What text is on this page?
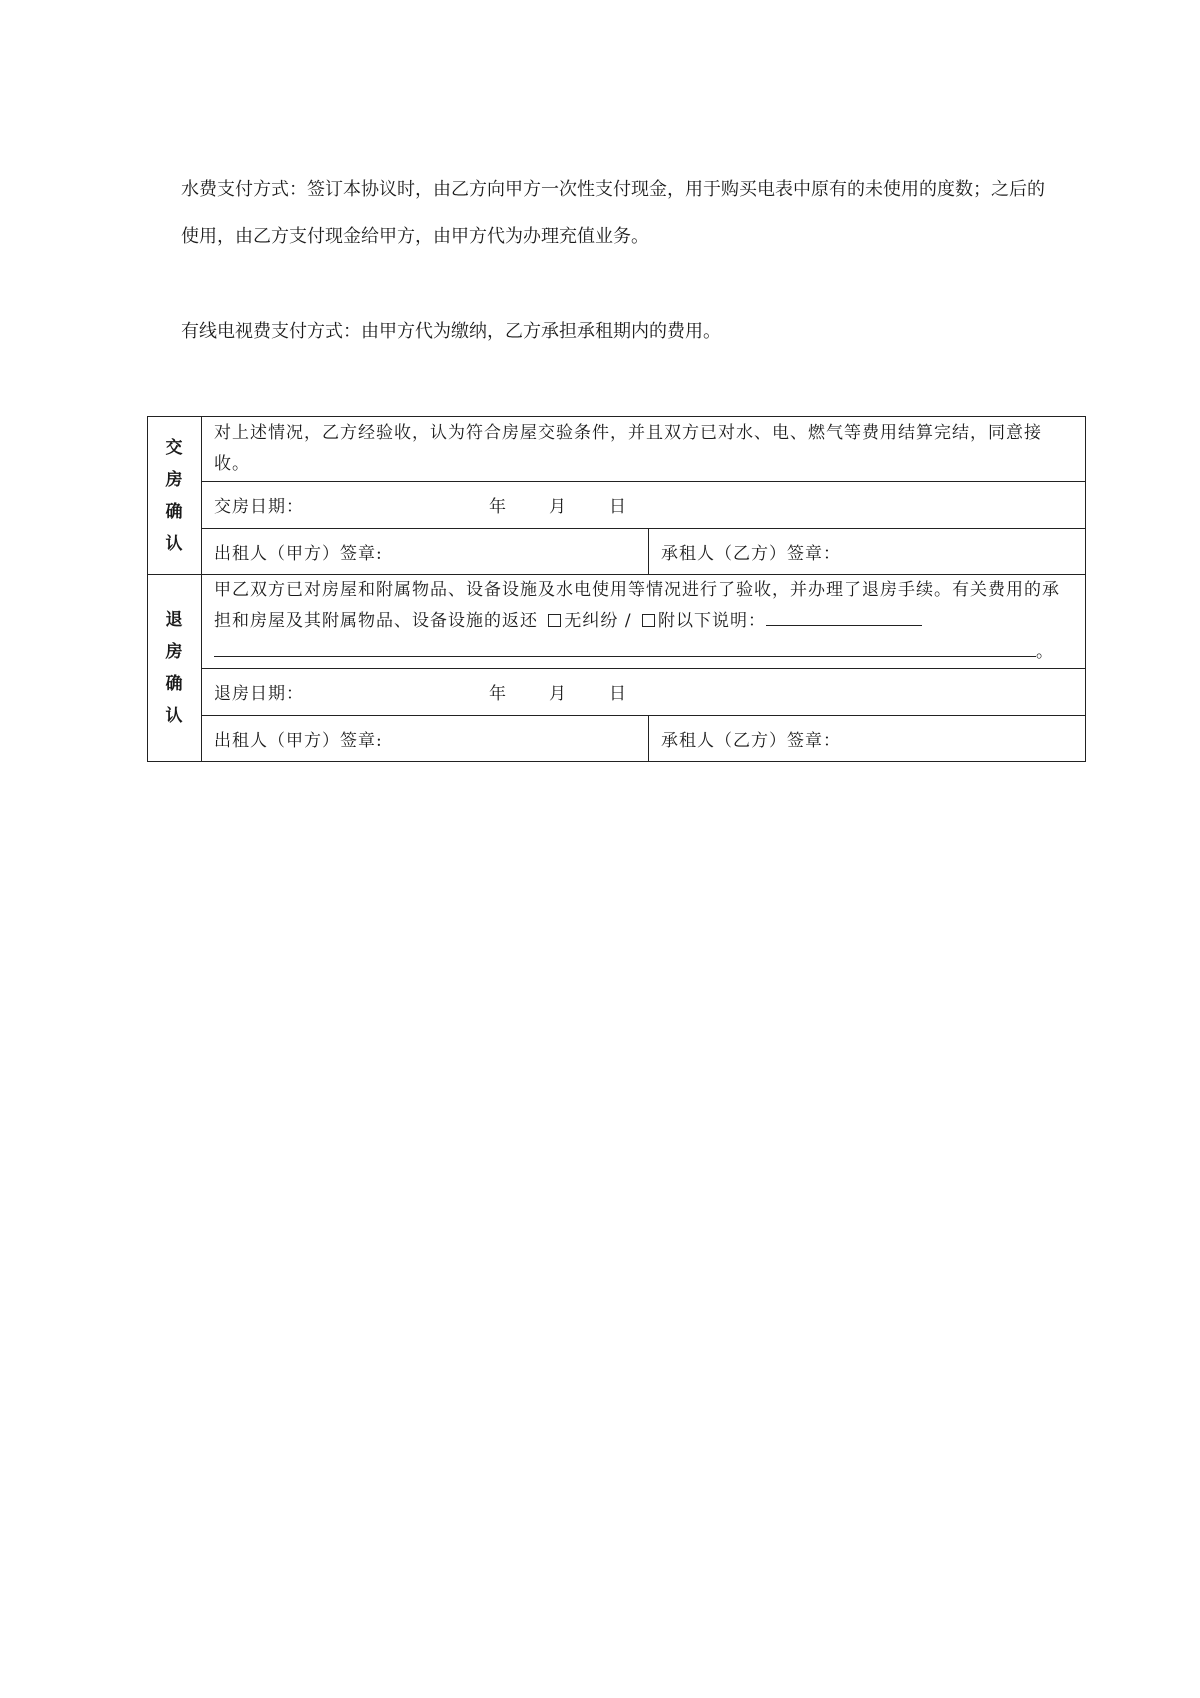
水费支付方式：签订本协议时，由乙方向甲方一次性支付现金，用于购买电表中原有的未使用的度数；之后的使用，由乙方支付现金给甲方，由甲方代为办理充值业务。

有线电视费支付方式：由甲方代为缴纳，乙方承担承租期内的费用。

交
房
确
认	对上述情况，乙方经验收，认为符合房屋交验条件，并且双方已对水、电、燃气等费用结算完结，同意接收。	

	交房日期： 年 月 日	

	出租人（甲方）签章:	承租人（乙方）签章：

退
房
确
认	甲乙双方已对房屋和附属物品、设备设施及水电使用等情况进行了验收，并办理了退房手续。有关费用的承担和房屋及其附属物品、设备设施的返还 无纠纷 / 附以下说明：
。	

	退房日期： 年 月 日	

	出租人（甲方）签章:	承租人（乙方）签章：
